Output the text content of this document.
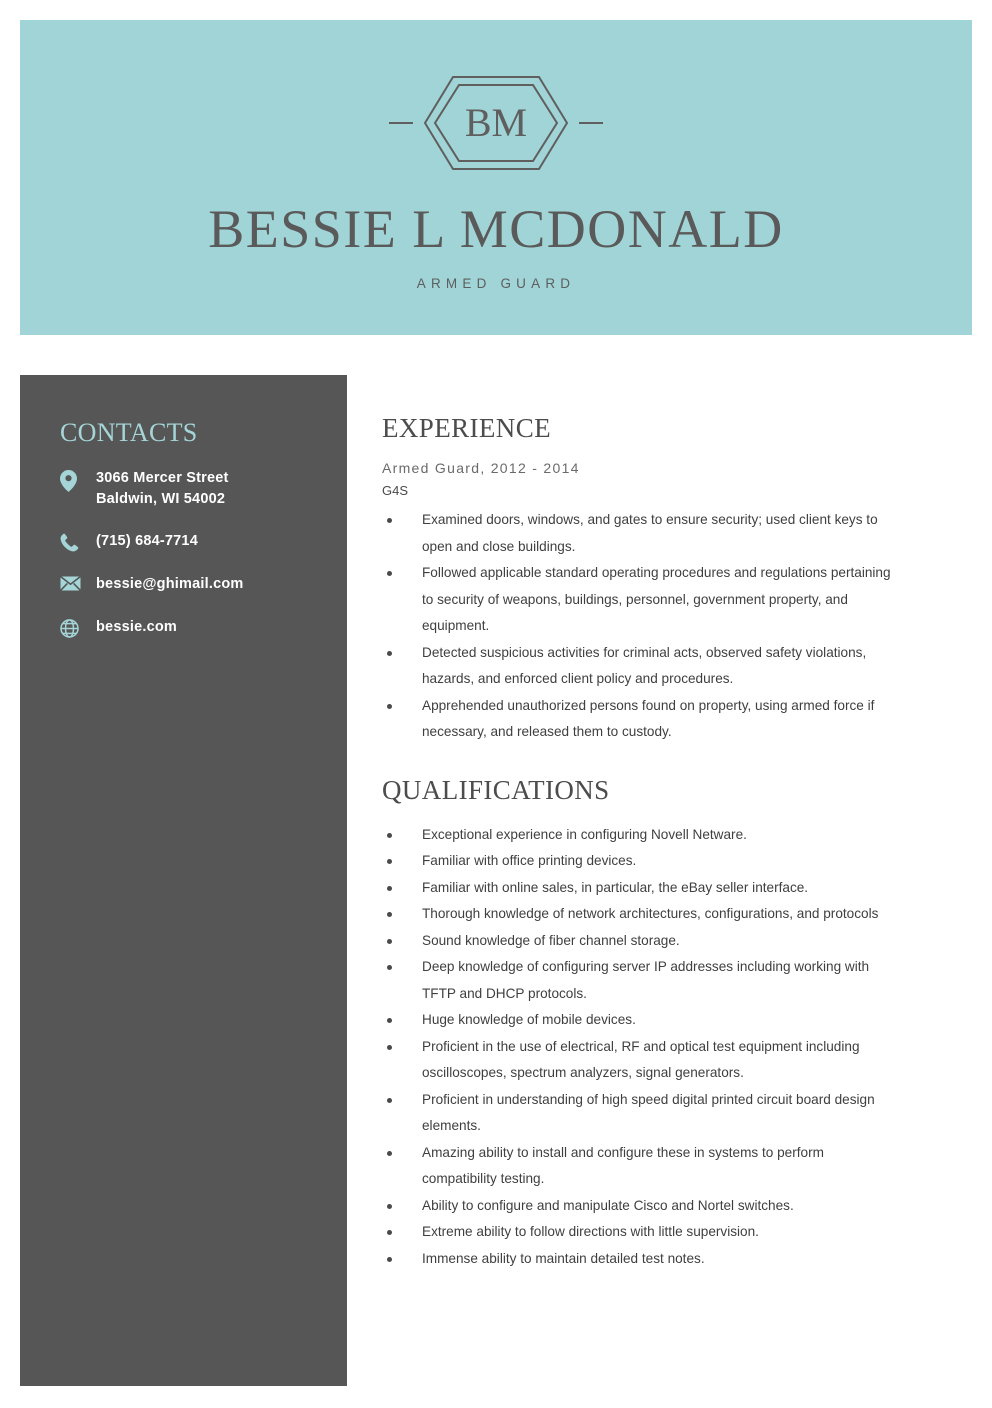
BM
BESSIE L MCDONALD
ARMED GUARD
CONTACTS
3066 Mercer Street
Baldwin, WI 54002
(715) 684-7714
bessie@ghimail.com
bessie.com
EXPERIENCE
Armed Guard, 2012 - 2014
G4S
Examined doors, windows, and gates to ensure security; used client keys to open and close buildings.
Followed applicable standard operating procedures and regulations pertaining to security of weapons, buildings, personnel, government property, and equipment.
Detected suspicious activities for criminal acts, observed safety violations, hazards, and enforced client policy and procedures.
Apprehended unauthorized persons found on property, using armed force if necessary, and released them to custody.
QUALIFICATIONS
Exceptional experience in configuring Novell Netware.
Familiar with office printing devices.
Familiar with online sales, in particular, the eBay seller interface.
Thorough knowledge of network architectures, configurations, and protocols
Sound knowledge of fiber channel storage.
Deep knowledge of configuring server IP addresses including working with TFTP and DHCP protocols.
Huge knowledge of mobile devices.
Proficient in the use of electrical, RF and optical test equipment including oscilloscopes, spectrum analyzers, signal generators.
Proficient in understanding of high speed digital printed circuit board design elements.
Amazing ability to install and configure these in systems to perform compatibility testing.
Ability to configure and manipulate Cisco and Nortel switches.
Extreme ability to follow directions with little supervision.
Immense ability to maintain detailed test notes.
